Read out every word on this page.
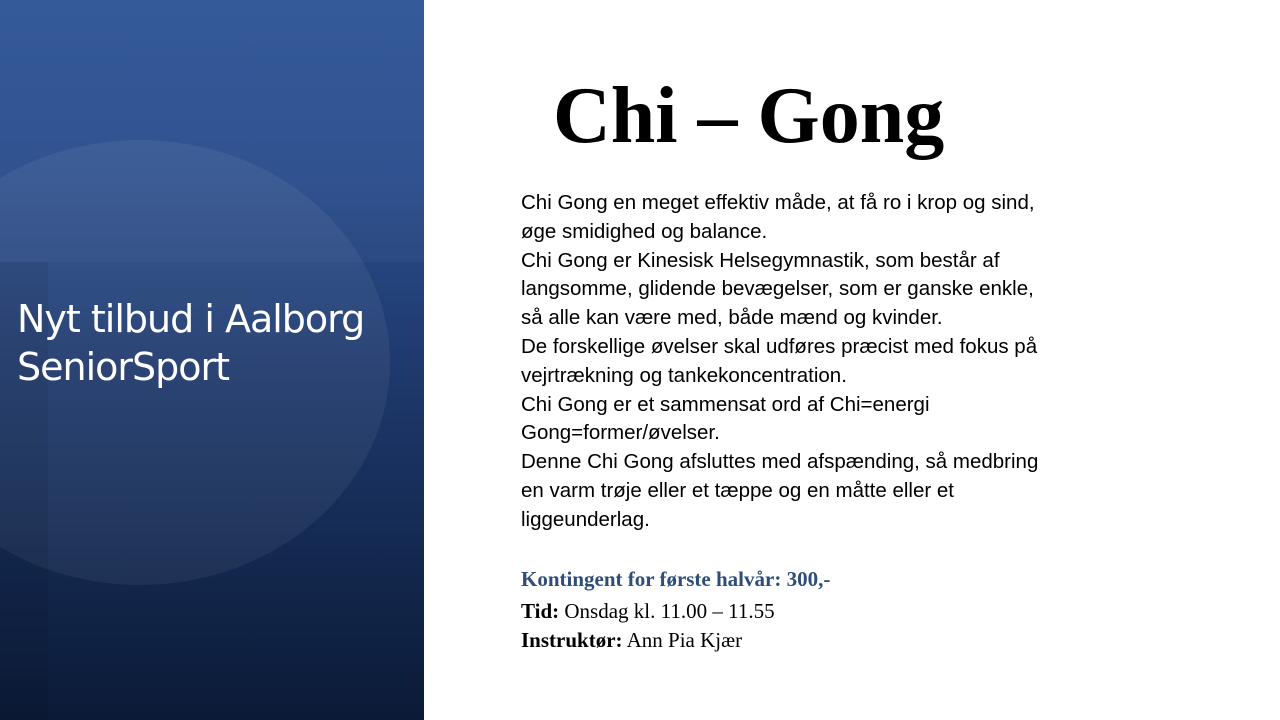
Nyt tilbud i Aalborg
SeniorSport
Chi – Gong

Chi Gong en meget effektiv måde, at få ro i krop og sind,
øge smidighed og balance.

Chi Gong er Kinesisk Helsegymnastik, som består af
langsomme, glidende bevægelser, som er ganske enkle,
så alle kan være med, både mænd og kvinder.

De forskellige øvelser skal udføres præcist med fokus på
vejrtrækning og tankekoncentration.

Chi Gong er et sammensat ord af Chi=energi
Gong=former/øvelser.

Denne Chi Gong afsluttes med afspænding, så medbring
en varm trøje eller et tæppe og en måtte eller et
liggeunderlag.

Kontingent for første halvår: 300,-
Tid: Onsdag kl. 11.00 – 11.55
Instruktør: Ann Pia Kjær
